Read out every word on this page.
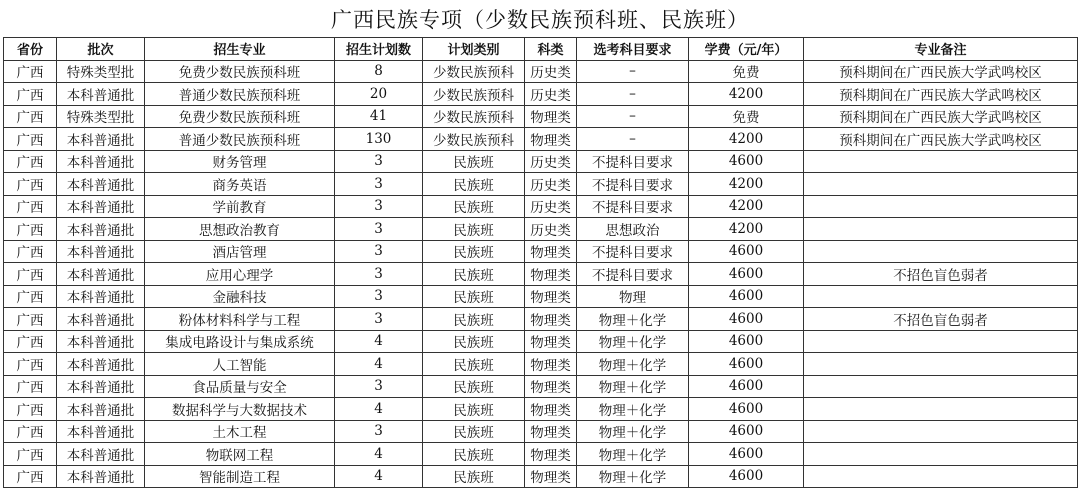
广西民族专项（少数民族预科班、民族班）
省份	批次	招生专业	招生计划数	计划类别	科类	选考科目要求	学费（元/年）	专业备注
广西	特殊类型批	免费少数民族预科班	8	少数民族预科	历史类	–	免费	预科期间在广西民族大学武鸣校区
广西	本科普通批	普通少数民族预科班	20	少数民族预科	历史类	–	4200	预科期间在广西民族大学武鸣校区
广西	特殊类型批	免费少数民族预科班	41	少数民族预科	物理类	–	免费	预科期间在广西民族大学武鸣校区
广西	本科普通批	普通少数民族预科班	130	少数民族预科	物理类	–	4200	预科期间在广西民族大学武鸣校区
广西	本科普通批	财务管理	3	民族班	历史类	不提科目要求	4600	
广西	本科普通批	商务英语	3	民族班	历史类	不提科目要求	4200	
广西	本科普通批	学前教育	3	民族班	历史类	不提科目要求	4200	
广西	本科普通批	思想政治教育	3	民族班	历史类	思想政治	4200	
广西	本科普通批	酒店管理	3	民族班	物理类	不提科目要求	4600	
广西	本科普通批	应用心理学	3	民族班	物理类	不提科目要求	4600	不招色盲色弱者
广西	本科普通批	金融科技	3	民族班	物理类	物理	4600	
广西	本科普通批	粉体材料科学与工程	3	民族班	物理类	物理＋化学	4600	不招色盲色弱者
广西	本科普通批	集成电路设计与集成系统	4	民族班	物理类	物理＋化学	4600	
广西	本科普通批	人工智能	4	民族班	物理类	物理＋化学	4600	
广西	本科普通批	食品质量与安全	3	民族班	物理类	物理＋化学	4600	
广西	本科普通批	数据科学与大数据技术	4	民族班	物理类	物理＋化学	4600	
广西	本科普通批	土木工程	3	民族班	物理类	物理＋化学	4600	
广西	本科普通批	物联网工程	4	民族班	物理类	物理＋化学	4600	
广西	本科普通批	智能制造工程	4	民族班	物理类	物理＋化学	4600	
